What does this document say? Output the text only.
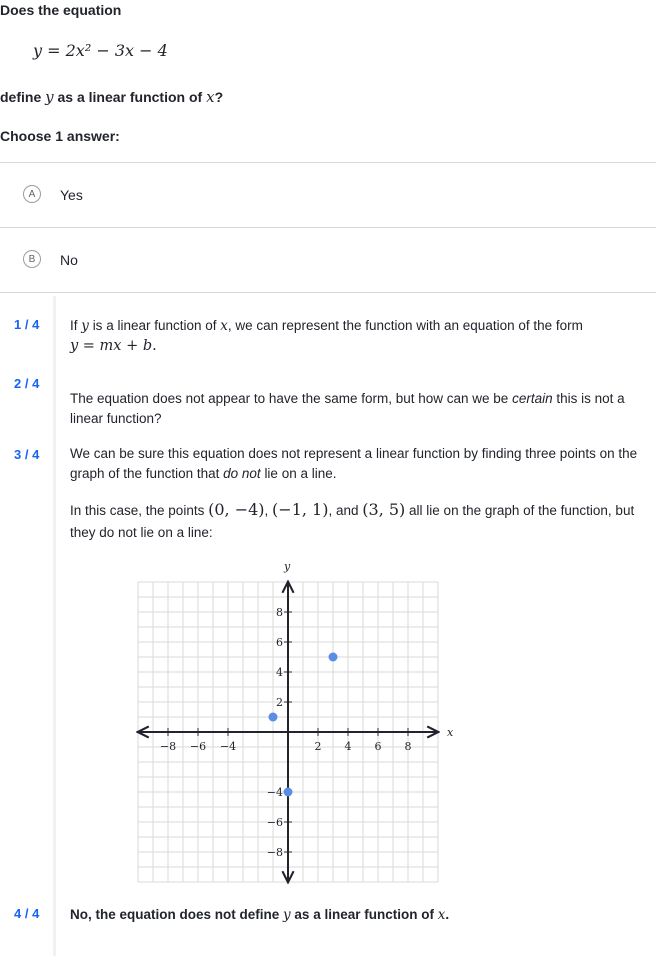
Does the equation
y = 2x² − 3x − 4
define y as a linear function of x?
Choose 1 answer:
A	Yes
B	No
1 / 4 If y is a linear function of x, we can represent the function with an equation of the form
y = mx + b.
2 / 4
The equation does not appear to have the same form, but how can we be certain this is not a linear function?
3 / 4 We can be sure this equation does not represent a linear function by finding three points on the graph of the function that do not lie on a line.
In this case, the points (0, −4), (−1, 1), and (3, 5) all lie on the graph of the function, but they do not lie on a line:
x
y
−8 −6 −4	2 4 6 8
8
6
4
2
−4
−6
−8
4 / 4 No, the equation does not define y as a linear function of x.
